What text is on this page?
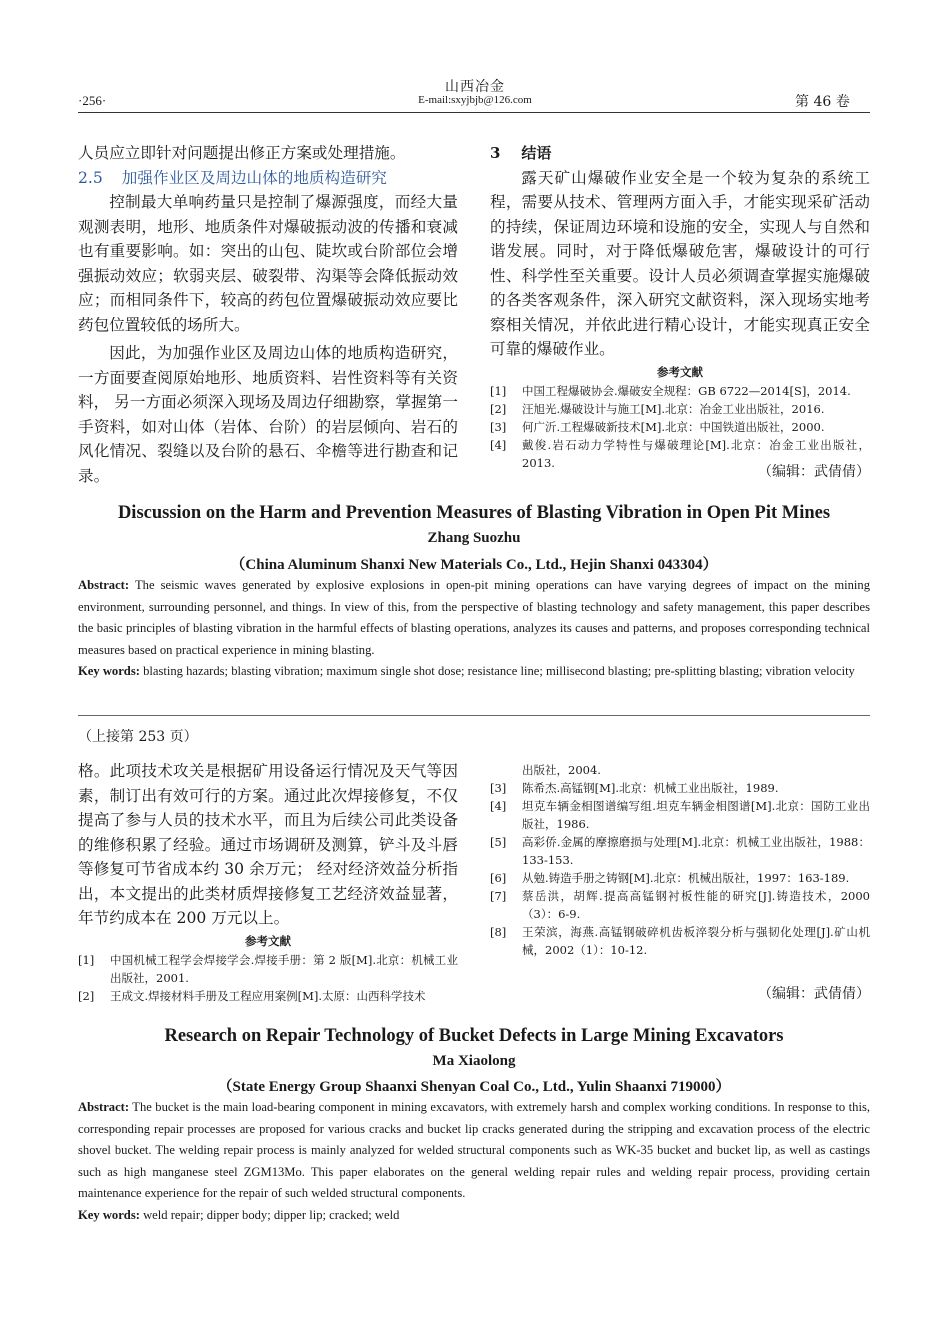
山西冶金
·256·	E-mail:sxyjbjb@126.com	第 46 卷

人员应立即针对问题提出修正方案或处理措施。

2.5 加强作业区及周边山体的地质构造研究

控制最大单响药量只是控制了爆源强度，而经大量观测表明，地形、地质条件对爆破振动波的传播和衰减也有重要影响。如：突出的山包、陡坎或台阶部位会增强振动效应；软弱夹层、破裂带、沟渠等会降低振动效应；而相同条件下，较高的药包位置爆破振动效应要比药包位置较低的场所大。

因此，为加强作业区及周边山体的地质构造研究，一方面要查阅原始地形、地质资料、岩性资料等有关资料， 另一方面必须深入现场及周边仔细勘察，掌握第一手资料，如对山体（岩体、台阶）的岩层倾向、岩石的风化情况、裂缝以及台阶的悬石、伞檐等进行勘查和记录。

3 结语

露天矿山爆破作业安全是一个较为复杂的系统工程，需要从技术、管理两方面入手，才能实现采矿活动的持续，保证周边环境和设施的安全，实现人与自然和谐发展。同时，对于降低爆破危害，爆破设计的可行性、科学性至关重要。设计人员必须调查掌握实施爆破的各类客观条件，深入研究文献资料，深入现场实地考察相关情况，并依此进行精心设计，才能实现真正安全可靠的爆破作业。

参考文献
[1]	中国工程爆破协会.爆破安全规程：GB 6722—2014[S]，2014.
[2]	汪旭光.爆破设计与施工[M].北京：冶金工业出版社，2016.
[3]	何广沂.工程爆破新技术[M].北京：中国铁道出版社，2000.
[4]	戴俊.岩石动力学特性与爆破理论[M].北京：冶金工业出版社，2013.
（编辑：武倩倩）
Discussion on the Harm and Prevention Measures of Blasting Vibration in Open Pit Mines
Zhang Suozhu
（China Aluminum Shanxi New Materials Co., Ltd., Hejin Shanxi 043304）
Abstract: The seismic waves generated by explosive explosions in open-pit mining operations can have varying degrees of impact on the mining environment, surrounding personnel, and things. In view of this, from the perspective of blasting technology and safety management, this paper describes the basic principles of blasting vibration in the harmful effects of blasting operations, analyzes its causes and patterns, and proposes corresponding technical measures based on practical experience in mining blasting.
Key words: blasting hazards; blasting vibration; maximum single shot dose; resistance line; millisecond blasting; pre-splitting blasting; vibration velocity
（上接第 253 页）

格。此项技术攻关是根据矿用设备运行情况及天气等因素，制订出有效可行的方案。通过此次焊接修复，不仅提高了参与人员的技术水平，而且为后续公司此类设备的维修积累了经验。通过市场调研及测算，铲斗及斗唇等修复可节省成本约 30 余万元； 经对经济效益分析指出，本文提出的此类材质焊接修复工艺经济效益显著，年节约成本在 200 万元以上。

参考文献
[1]	中国机械工程学会焊接学会.焊接手册：第 2 版[M].北京：机械工业出版社，2001.
[2]	王成文.焊接材料手册及工程应用案例[M].太原：山西科学技术
出版社，2004.
[3]	陈希杰.高锰钢[M].北京：机械工业出版社，1989.
[4]	坦克车辆金相图谱编写组.坦克车辆金相图谱[M].北京：国防工业出版社，1986.
[5]	高彩侨.金属的摩擦磨损与处理[M].北京：机械工业出版社，1988：133-153.
[6]	从勉.铸造手册之铸钢[M].北京：机械出版社，1997：163-189.
[7]	蔡岳洪，胡辉.提高高锰钢衬板性能的研究[J].铸造技术，2000（3）：6-9.
[8]	王荣滨，海燕.高锰钢破碎机齿板淬裂分析与强韧化处理[J].矿山机械，2002（1）：10-12.
（编辑：武倩倩）
Research on Repair Technology of Bucket Defects in Large Mining Excavators
Ma Xiaolong
（State Energy Group Shaanxi Shenyan Coal Co., Ltd., Yulin Shaanxi 719000）
Abstract: The bucket is the main load-bearing component in mining excavators, with extremely harsh and complex working conditions. In response to this, corresponding repair processes are proposed for various cracks and bucket lip cracks generated during the stripping and excavation process of the electric shovel bucket. The welding repair process is mainly analyzed for welded structural components such as WK-35 bucket and bucket lip, as well as castings such as high manganese steel ZGM13Mo. This paper elaborates on the general welding repair rules and welding repair process, providing certain maintenance experience for the repair of such welded structural components.
Key words: weld repair; dipper body; dipper lip; cracked; weld
